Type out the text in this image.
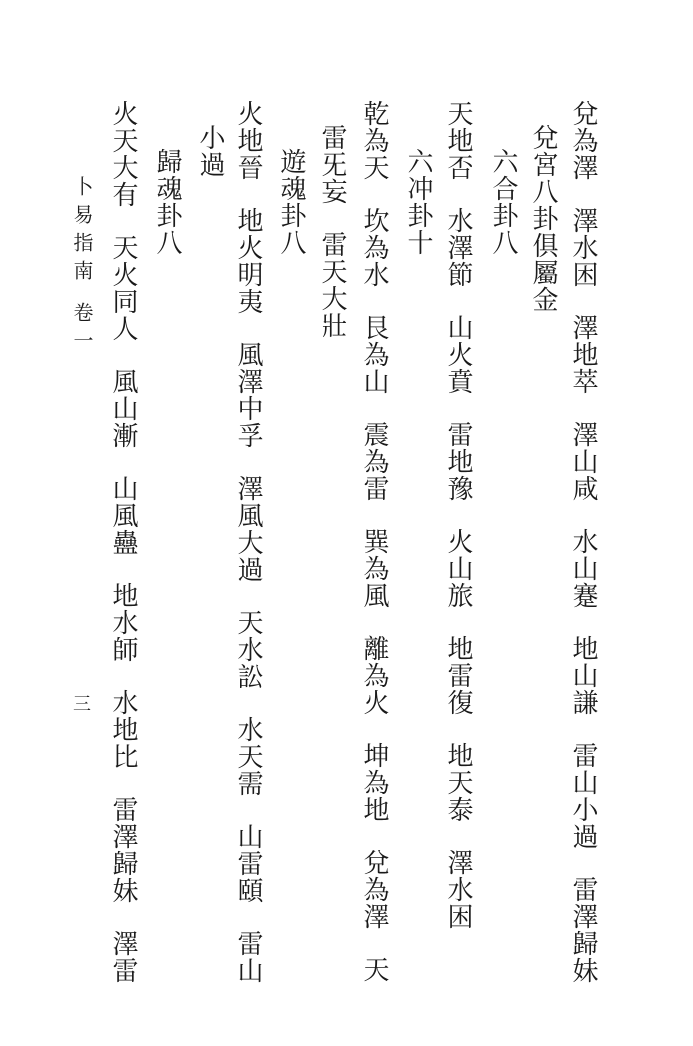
兌為澤澤水困澤地萃澤山咸水山蹇地山謙雷山小過雷澤歸妹
兌宮八卦俱屬金
六合卦八
天地否水澤節山火賁雷地豫火山旅地雷復地天泰澤水困
六冲卦十
乾為天坎為水艮為山震為雷巽為風離為火坤為地兌為澤天
雷旡妄雷天大壯
遊魂卦八
火地晉地火明夷風澤中孚澤風大過天水訟水天需山雷頤雷山
小過
歸魂卦八
火天大有天火同人風山漸山風蠱地水師水地比雷澤歸妹澤雷
卜易指南卷一
三
